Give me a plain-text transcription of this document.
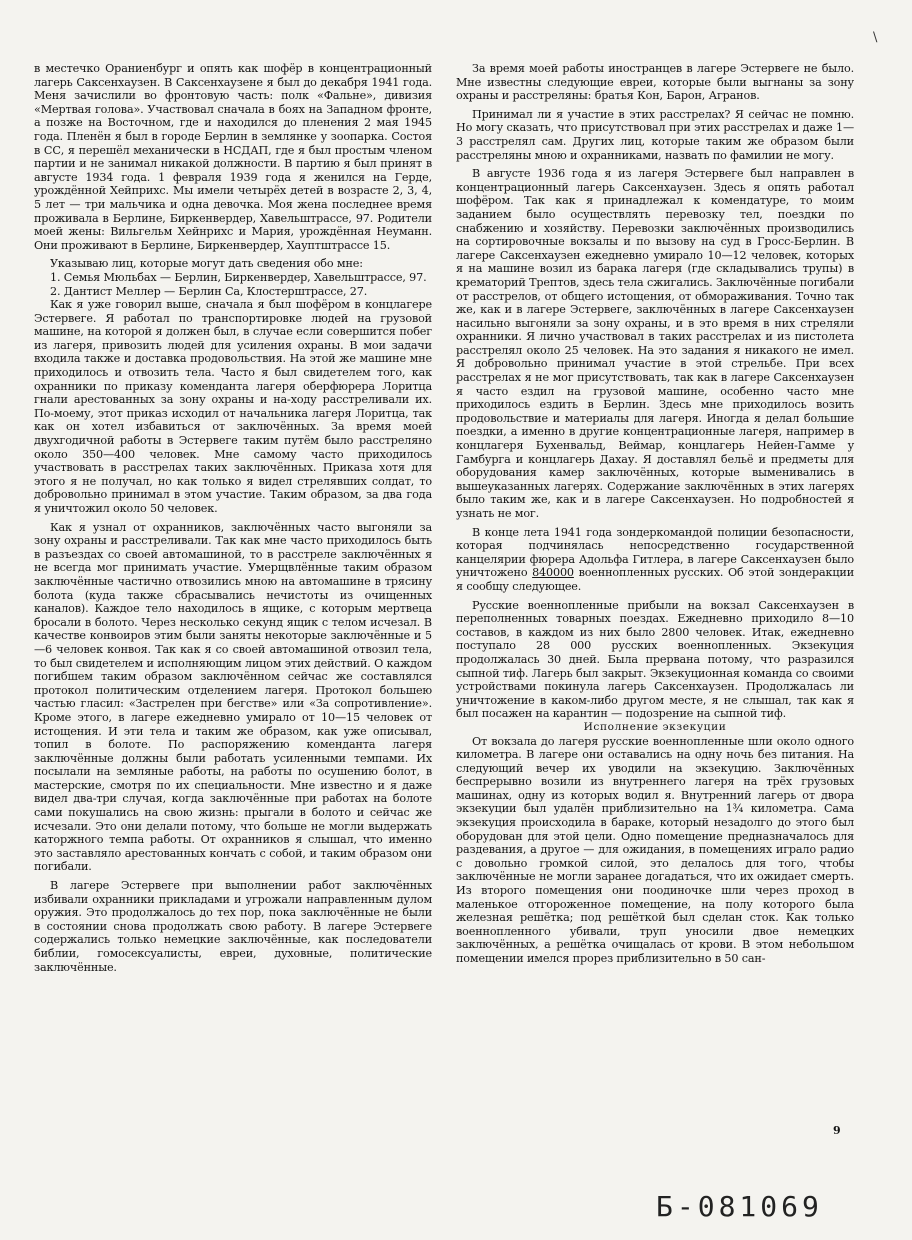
\

в местечко Ораниенбург и опять как шофёр в концентрационный лагерь Саксенхаузен. В Саксенхаузене я был до декабря 1941 года. Меня зачислили во фронтовую часть: полк «Фальне», дивизия «Мертвая голова». Участвовал сначала в боях на Западном фронте, а позже на Восточном, где и находился до пленения 2 мая 1945 года. Пленён я был в городе Берлин в землянке у зоопарка. Состоя в СС, я перешёл механически в НСДАП, где я был простым членом партии и не занимал никакой должности. В партию я был принят в августе 1934 года. 1 февраля 1939 года я женился на Герде, урождённой Хейприхс. Мы имели четырёх детей в возрасте 2, 3, 4, 5 лет — три мальчика и одна девочка. Моя жена последнее время проживала в Берлине, Биркенвердер, Хавельштрассе, 97. Родители моей жены: Вильгельм Хейнрихс и Мария, урождённая Неуманн. Они проживают в Берлине, Биркенвердер, Хауптштрассе 15.

Указываю лиц, которые могут дать сведения обо мне:

1. Семья Мюльбах — Берлин, Биркенвердер, Хавельштрассе, 97.

2. Дантист Меллер — Берлин Са, Клостерштрассе, 27.

Как я уже говорил выше, сначала я был шофёром в концлагере Эстервеге. Я работал по транспортировке людей на грузовой машине, на которой я должен был, в случае если совершится побег из лагеря, привозить людей для усиления охраны. В мои задачи входила также и доставка продовольствия. На этой же машине мне приходилось и отвозить тела. Часто я был свидетелем того, как охранники по приказу коменданта лагеря оберфюрера Лоритца гнали арестованных за зону охраны и на-ходу расстреливали их. По-моему, этот приказ исходил от начальника лагеря Лоритца, так как он хотел избавиться от заключённых. За время моей двухгодичной работы в Эстервеге таким путём было расстреляно около 350—400 человек. Мне самому часто приходилось участвовать в расстрелах таких заключённых. Приказа хотя для этого я не получал, но как только я видел стрелявших солдат, то добровольно принимал в этом участие. Таким образом, за два года я уничтожил около 50 человек.

Как я узнал от охранников, заключённых часто выгоняли за зону охраны и расстреливали. Так как мне часто приходилось быть в разъездах со своей автомашиной, то в расстреле заключённых я не всегда мог принимать участие. Умерщвлённые таким образом заключённые частично отвозились мною на автомашине в трясину болота (куда также сбрасывались нечистоты из очищенных каналов). Каждое тело находилось в ящике, с которым мертвеца бросали в болото. Через несколько секунд ящик с телом исчезал. В качестве конвоиров этим были заняты некоторые заключённые и 5—6 человек конвоя. Так как я со своей автомашиной отвозил тела, то был свидетелем и исполняющим лицом этих действий. О каждом погибшем таким образом заключённом сейчас же составлялся протокол политическим отделением лагеря. Протокол большею частью гласил: «Застрелен при бегстве» или «За сопротивление». Кроме этого, в лагере ежедневно умирало от 10—15 человек от истощения. И эти тела и таким же образом, как уже описывал, топил в болоте. По распоряжению коменданта лагеря заключённые должны были работать усиленными темпами. Их посылали на земляные работы, на работы по осушению болот, в мастерские, смотря по их специальности. Мне известно и я даже видел два-три случая, когда заключённые при работах на болоте сами покушались на свою жизнь: прыгали в болото и сейчас же исчезали. Это они делали потому, что больше не могли выдержать каторжного темпа работы. От охранников я слышал, что именно это заставляло арестованных кончать с собой, и таким образом они погибали.

В лагере Эстервеге при выполнении работ заключённых избивали охранники прикладами и угрожали направленным дулом оружия. Это продолжалось до тех пор, пока заключённые не были в состоянии снова продолжать свою работу. В лагере Эстервеге содержались только немецкие заключённые, как последователи библии, гомосексуалисты, евреи, духовные, политические заключённые.

За время моей работы иностранцев в лагере Эстервеге не было. Мне известны следующие евреи, которые были выгнаны за зону охраны и расстреляны: братья Кон, Барон, Агранов.

Принимал ли я участие в этих расстрелах? Я сейчас не помню. Но могу сказать, что присутствовал при этих расстрелах и даже 1—3 расстрелял сам. Других лиц, которые таким же образом были расстреляны мною и охранниками, назвать по фамилии не могу.

В августе 1936 года я из лагеря Эстервеге был направлен в концентрационный лагерь Саксенхаузен. Здесь я опять работал шофёром. Так как я принадлежал к комендатуре, то моим заданием было осуществлять перевозку тел, поездки по снабжению и хозяйству. Перевозки заключённых производились на сортировочные вокзалы и по вызову на суд в Гросс-Берлин. В лагере Саксенхаузен ежедневно умирало 10—12 человек, которых я на машине возил из барака лагеря (где складывались трупы) в крематорий Трептов, здесь тела сжигались. Заключённые погибали от расстрелов, от общего истощения, от обмораживания. Точно так же, как и в лагере Эстервеге, заключённых в лагере Саксенхаузен насильно выгоняли за зону охраны, и в это время в них стреляли охранники. Я лично участвовал в таких расстрелах и из пистолета расстрелял около 25 человек. На это задания я никакого не имел. Я добровольно принимал участие в этой стрельбе. При всех расстрелах я не мог присутствовать, так как в лагере Саксенхаузен я часто ездил на грузовой машине, особенно часто мне приходилось ездить в Берлин. Здесь мне приходилось возить продовольствие и материалы для лагеря. Иногда я делал большие поездки, а именно в другие концентрационные лагеря, например в концлагеря Бухенвальд, Веймар, концлагерь Нейен-Гамме у Гамбурга и концлагерь Дахау. Я доставлял бельё и предметы для оборудования камер заключённых, которые выменивались в вышеуказанных лагерях. Содержание заключённых в этих лагерях было таким же, как и в лагере Саксенхаузен. Но подробностей я узнать не мог.

В конце лета 1941 года зондеркомандой полиции безопасности, которая подчинялась непосредственно государственной канцелярии фюрера Адольфа Гитлера, в лагере Саксенхаузен было уничтожено 840000 военнопленных русских. Об этой зондеракции я сообщу следующее.

Русские военнопленные прибыли на вокзал Саксенхаузен в переполненных товарных поездах. Ежедневно приходило 8—10 составов, в каждом из них было 2800 человек. Итак, ежедневно поступало 28 000 русских военнопленных. Экзекуция продолжалась 30 дней. Была прервана потому, что разразился сыпной тиф. Лагерь был закрыт. Экзекуционная команда со своими устройствами покинула лагерь Саксенхаузен. Продолжалась ли уничтожение в каком-либо другом месте, я не слышал, так как я был посажен на карантин — подозрение на сыпной тиф.

Исполнение экзекуции

От вокзала до лагеря русские военнопленные шли около одного километра. В лагере они оставались на одну ночь без питания. На следующий вечер их уводили на экзекуцию. Заключённых беспрерывно возили из внутреннего лагеря на трёх грузовых машинах, одну из которых водил я. Внутренний лагерь от двора экзекуции был удалён приблизительно на 1¾ километра. Сама экзекуция происходила в бараке, который незадолго до этого был оборудован для этой цели. Одно помещение предназначалось для раздевания, а другое — для ожидания, в помещениях играло радио с довольно громкой силой, это делалось для того, чтобы заключённые не могли заранее догадаться, что их ожидает смерть. Из второго помещения они поодиночке шли через проход в маленькое отгороженное помещение, на полу которого была железная решётка; под решёткой был сделан сток. Как только военнопленного убивали, труп уносили двое немецких заключённых, а решётка очищалась от крови. В этом небольшом помещении имелся прорез приблизительно в 50 сан-

9
Б-081069
